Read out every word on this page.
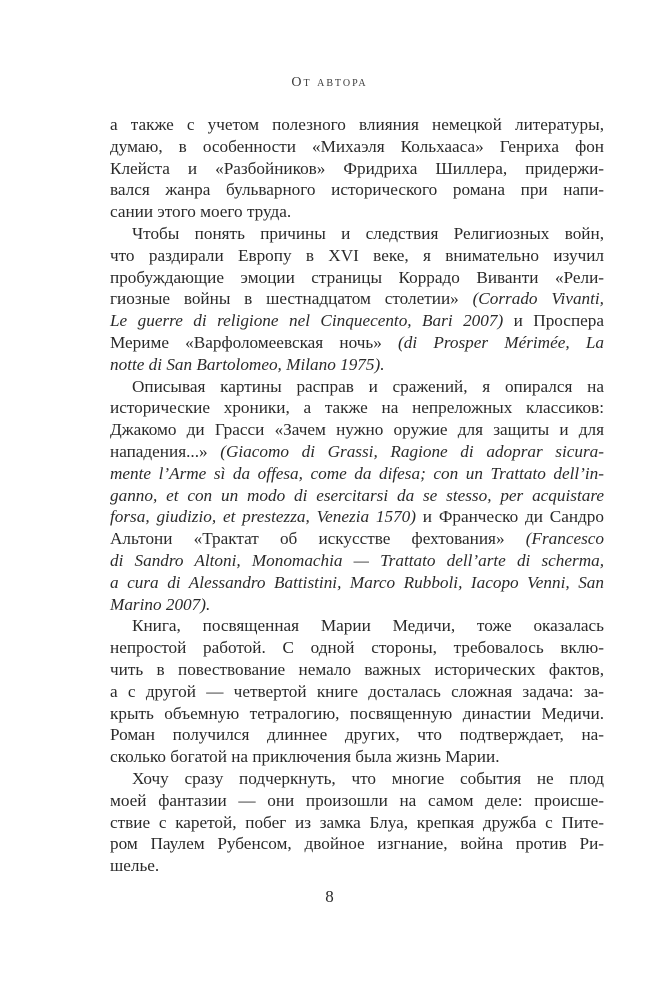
От автора
а также с учетом полезного влияния немецкой литературы,
думаю, в особенности «Михаэля Кольхааса» Генриха фон
Клейста и «Разбойников» Фридриха Шиллера, придержи-
вался жанра бульварного исторического романа при напи-
сании этого моего труда.
Чтобы понять причины и следствия Религиозных войн,
что раздирали Европу в XVI веке, я внимательно изучил
пробуждающие эмоции страницы Коррадо Виванти «Рели-
гиозные войны в шестнадцатом столетии» (Corrado Vivanti,
Le guerre di religione nel Cinquecento, Bari 2007) и Проспера
Мериме «Варфоломеевская ночь» (di Prosper Mérimée, La
notte di San Bartolomeo, Milano 1975).
Описывая картины расправ и сражений, я опирался на
исторические хроники, а также на непреложных классиков:
Джакомо ди Грасси «Зачем нужно оружие для защиты и для
нападения...» (Giacomo di Grassi, Ragione di adoprar sicura-
mente l’Arme sì da offesa, come da difesa; con un Trattato dell’in-
ganno, et con un modo di esercitarsi da se stesso, per acquistare
forsa, giudizio, et prestezza, Venezia 1570) и Франческо ди Сандро
Альтони «Трактат об искусстве фехтования» (Francesco
di Sandro Altoni, Monomachia — Trattato dell’arte di scherma,
a cura di Alessandro Battistini, Marco Rubboli, Iacopo Venni, San
Marino 2007).
Книга, посвященная Марии Медичи, тоже оказалась
непростой работой. С одной стороны, требовалось вклю-
чить в повествование немало важных исторических фактов,
а с другой — четвертой книге досталась сложная задача: за-
крыть объемную тетралогию, посвященную династии Медичи.
Роман получился длиннее других, что подтверждает, на-
сколько богатой на приключения была жизнь Марии.
Хочу сразу подчеркнуть, что многие события не плод
моей фантазии — они произошли на самом деле: происше-
ствие с каретой, побег из замка Блуа, крепкая дружба с Пите-
ром Паулем Рубенсом, двойное изгнание, война против Ри-
шелье.
8
